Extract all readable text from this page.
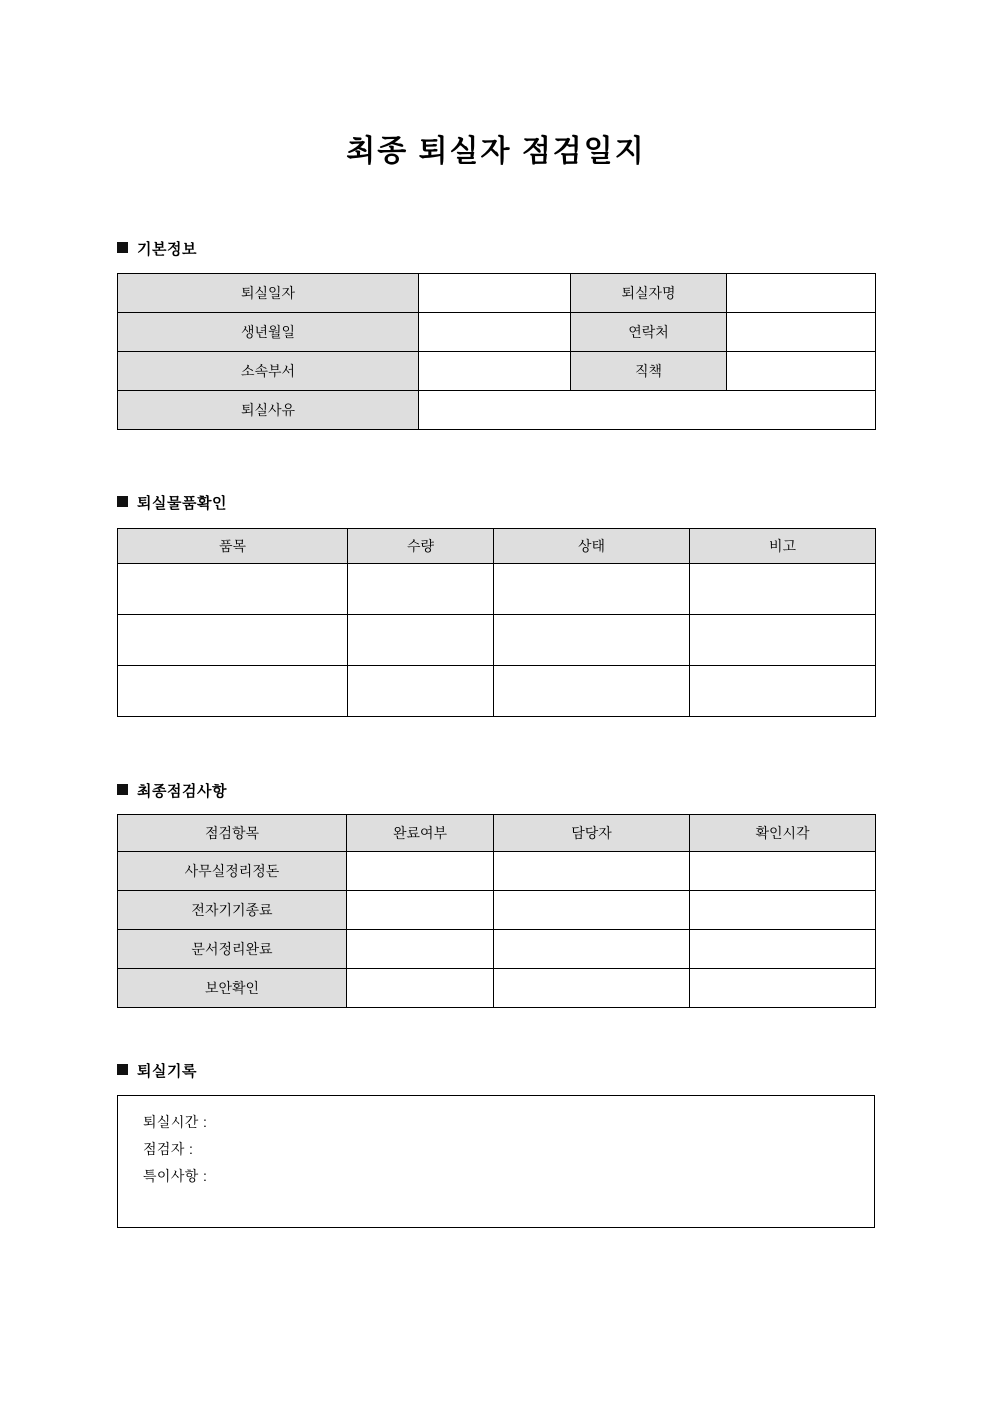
최종 퇴실자 점검일지
기본정보
퇴실일자		퇴실자명	
생년월일		연락처	
소속부서		직책	
퇴실사유			
퇴실물품확인
품목	수량	상태	비고

최종점검사항
점검항목	완료여부	담당자	확인시각
사무실정리정돈			
전자기기종료			
문서정리완료			
보안확인			
퇴실기록
퇴실시간 :
점검자 :
특이사항 :
